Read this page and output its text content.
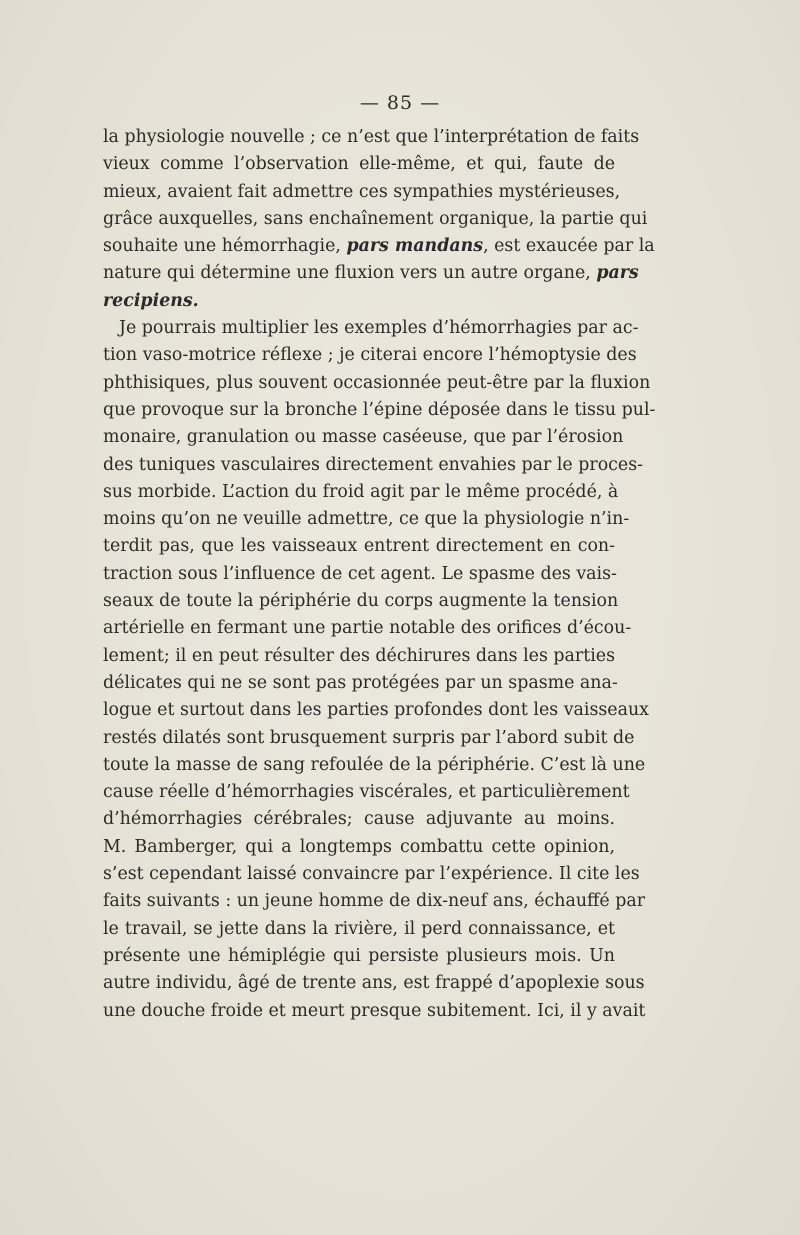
— 85 —
la physiologie nouvelle ; ce n’est que l’interprétation de faits
vieux comme l’observation elle-même, et qui, faute de
mieux, avaient fait admettre ces sympathies mystérieuses,
grâce auxquelles, sans enchaînement organique, la partie qui
souhaite une hémorrhagie, pars mandans, est exaucée par la
nature qui détermine une fluxion vers un autre organe, pars
recipiens.
Je pourrais multiplier les exemples d’hémorrhagies par ac-
tion vaso-motrice réflexe ; je citerai encore l’hémoptysie des
phthisiques, plus souvent occasionnée peut-être par la fluxion
que provoque sur la bronche l’épine déposée dans le tissu pul-
monaire, granulation ou masse caséeuse, que par l’érosion
des tuniques vasculaires directement envahies par le proces-
sus morbide. L’action du froid agit par le même procédé, à
moins qu’on ne veuille admettre, ce que la physiologie n’in-
terdit pas, que les vaisseaux entrent directement en con-
traction sous l’influence de cet agent. Le spasme des vais-
seaux de toute la périphérie du corps augmente la tension
artérielle en fermant une partie notable des orifices d’écou-
lement; il en peut résulter des déchirures dans les parties
délicates qui ne se sont pas protégées par un spasme ana-
logue et surtout dans les parties profondes dont les vaisseaux
restés dilatés sont brusquement surpris par l’abord subit de
toute la masse de sang refoulée de la périphérie. C’est là une
cause réelle d’hémorrhagies viscérales, et particulièrement
d’hémorrhagies cérébrales; cause adjuvante au moins.
M. Bamberger, qui a longtemps combattu cette opinion,
s’est cependant laissé convaincre par l’expérience. Il cite les
faits suivants : un jeune homme de dix-neuf ans, échauffé par
le travail, se jette dans la rivière, il perd connaissance, et
présente une hémiplégie qui persiste plusieurs mois. Un
autre individu, âgé de trente ans, est frappé d’apoplexie sous
une douche froide et meurt presque subitement. Ici, il y avait
